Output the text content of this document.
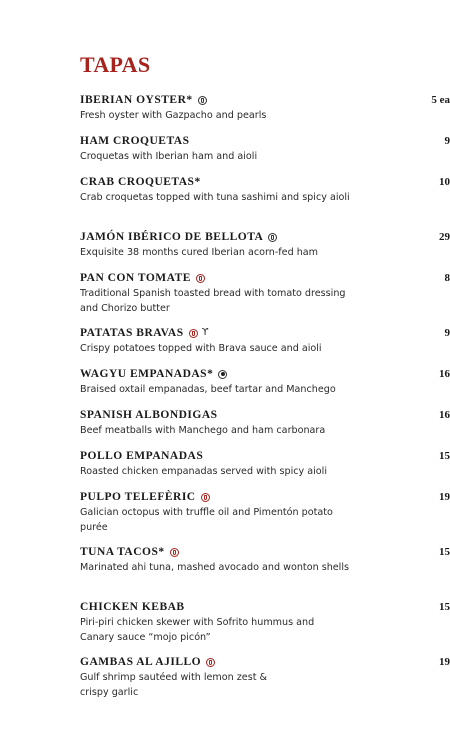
TAPAS
IBERIAN OYSTER*	5 ea
Fresh oyster with Gazpacho and pearls
HAM CROQUETAS	9
Croquetas with Iberian ham and aioli
CRAB CROQUETAS*	10
Crab croquetas topped with tuna sashimi and spicy aioli
JAMÓN IBÉRICO DE BELLOTA	29
Exquisite 38 months cured Iberian acorn-fed ham
PAN CON TOMATE	8
Traditional Spanish toasted bread with tomato dressing and Chorizo butter
PATATAS BRAVAS ϒ	9
Crispy potatoes topped with Brava sauce and aioli
WAGYU EMPANADAS*	16
Braised oxtail empanadas, beef tartar and Manchego
SPANISH ALBONDIGAS	16
Beef meatballs with Manchego and ham carbonara
POLLO EMPANADAS	15
Roasted chicken empanadas served with spicy aioli
PULPO TELEFÈRIC	19
Galician octopus with truffle oil and Pimentón potato purée
TUNA TACOS*	15
Marinated ahi tuna, mashed avocado and wonton shells
CHICKEN KEBAB	15
Piri-piri chicken skewer with Sofrito hummus and Canary sauce “mojo picón”
GAMBAS AL AJILLO	19
Gulf shrimp sautéed with lemon zest & crispy garlic
